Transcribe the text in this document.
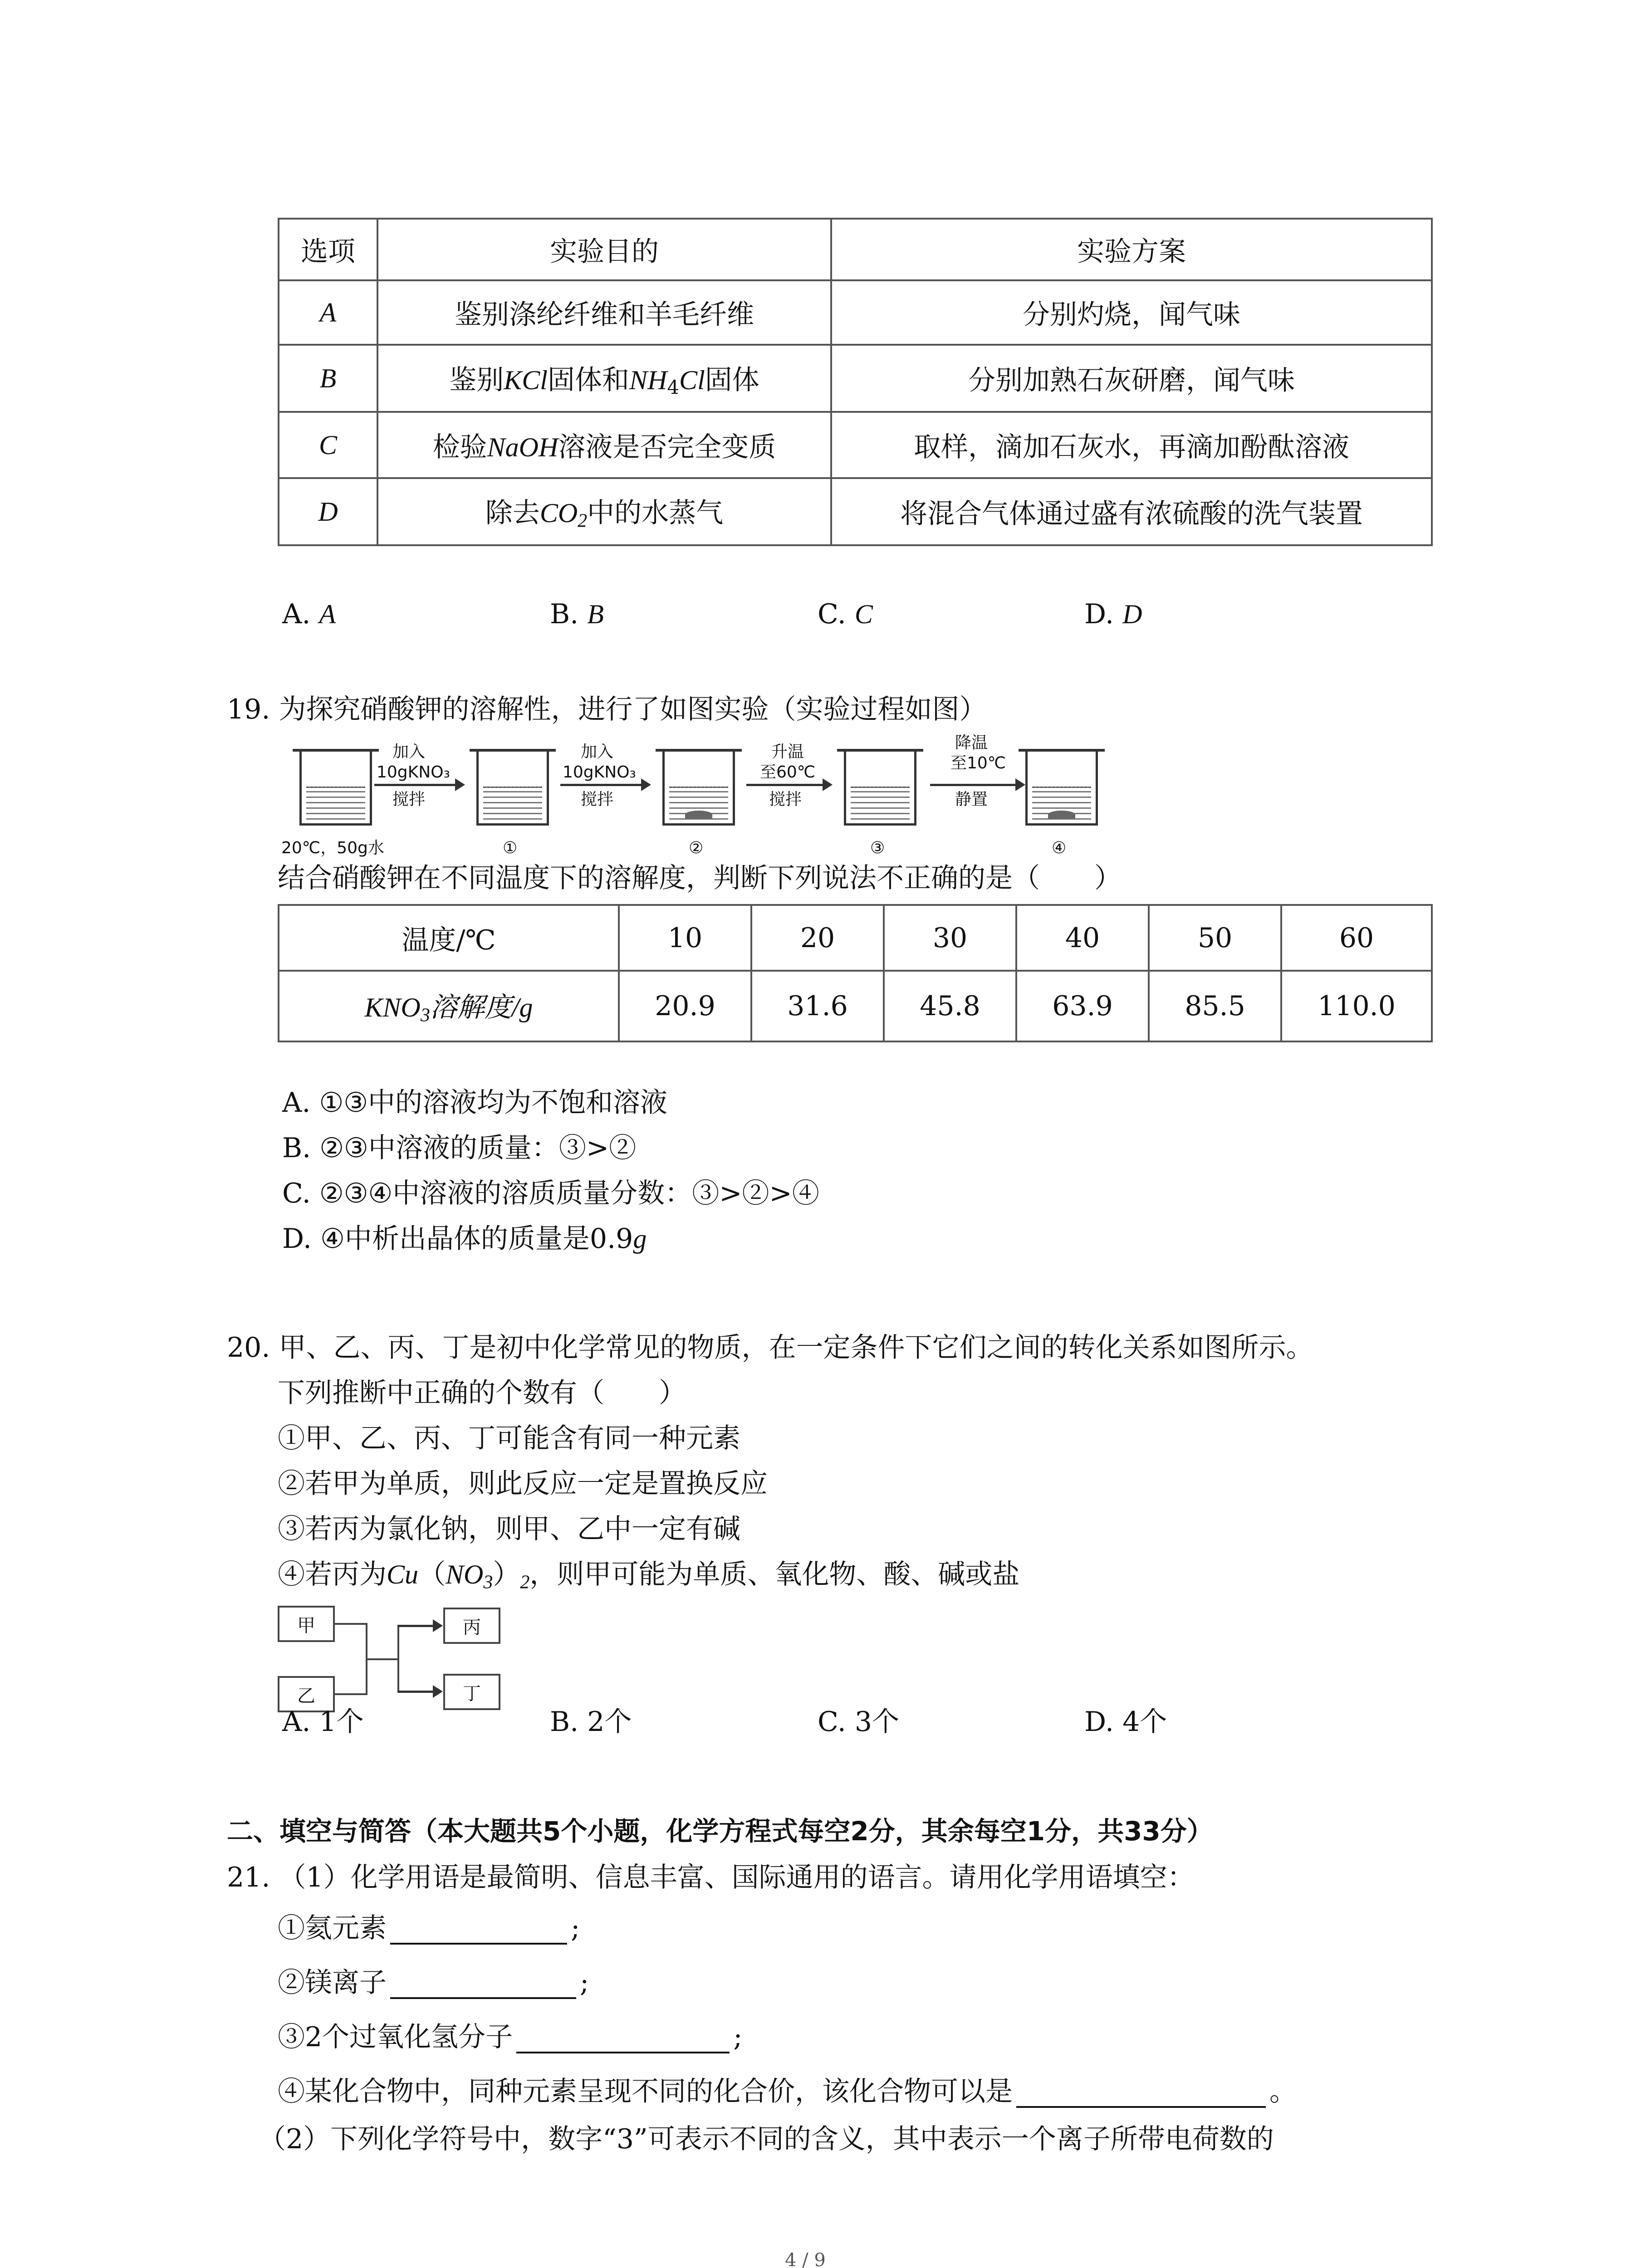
选项	实验目的	实验方案
A	鉴别涤纶纤维和羊毛纤维	分别灼烧，闻气味
B	鉴别KCl固体和$NH_4Cl$固体	分别加熟石灰研磨，闻气味
C	检验NaOH溶液是否完全变质	取样，滴加石灰水，再滴加酚酞溶液
D	除去$CO_2$中的水蒸气	将混合气体通过盛有浓硫酸的洗气装置
A. A	B. B	C. C	D. D
19. 为探究硝酸钾的溶解性，进行了如图实验（实验过程如图）
20℃，50g水
加入
10gKNO₃
搅拌
①
加入
10gKNO₃
搅拌
②
升温
至60℃
搅拌
③
降温
至10℃
静置
④
结合硝酸钾在不同温度下的溶解度，判断下列说法不正确的是（　　）
温度/℃	10	20	30	40	50	60
$KNO_3$溶解度/g	20.9	31.6	45.8	63.9	85.5	110.0
A. ①③中的溶液均为不饱和溶液
B. ②③中溶液的质量：③>②
C. ②③④中溶液的溶质质量分数：③>②>④
D. ④中析出晶体的质量是0.9g
20. 甲、乙、丙、丁是初中化学常见的物质，在一定条件下它们之间的转化关系如图所示。
下列推断中正确的个数有（　　）
①甲、乙、丙、丁可能含有同一种元素
②若甲为单质，则此反应一定是置换反应
③若丙为氯化钠，则甲、乙中一定有碱
④若丙为$Cu(NO_3)_2$，则甲可能为单质、氧化物、酸、碱或盐
甲
乙
丙
丁
A. 1个	B. 2个	C. 3个	D. 4个
二、填空与简答（本大题共5个小题，化学方程式每空2分，其余每空1分，共33分）
21. （1）化学用语是最简明、信息丰富、国际通用的语言。请用化学用语填空：
①氦元素	;
②镁离子	;
③2个过氧化氢分子	;
④某化合物中，同种元素呈现不同的化合价，该化合物可以是	。
（2）下列化学符号中，数字“3”可表示不同的含义，其中表示一个离子所带电荷数的
4 / 9
